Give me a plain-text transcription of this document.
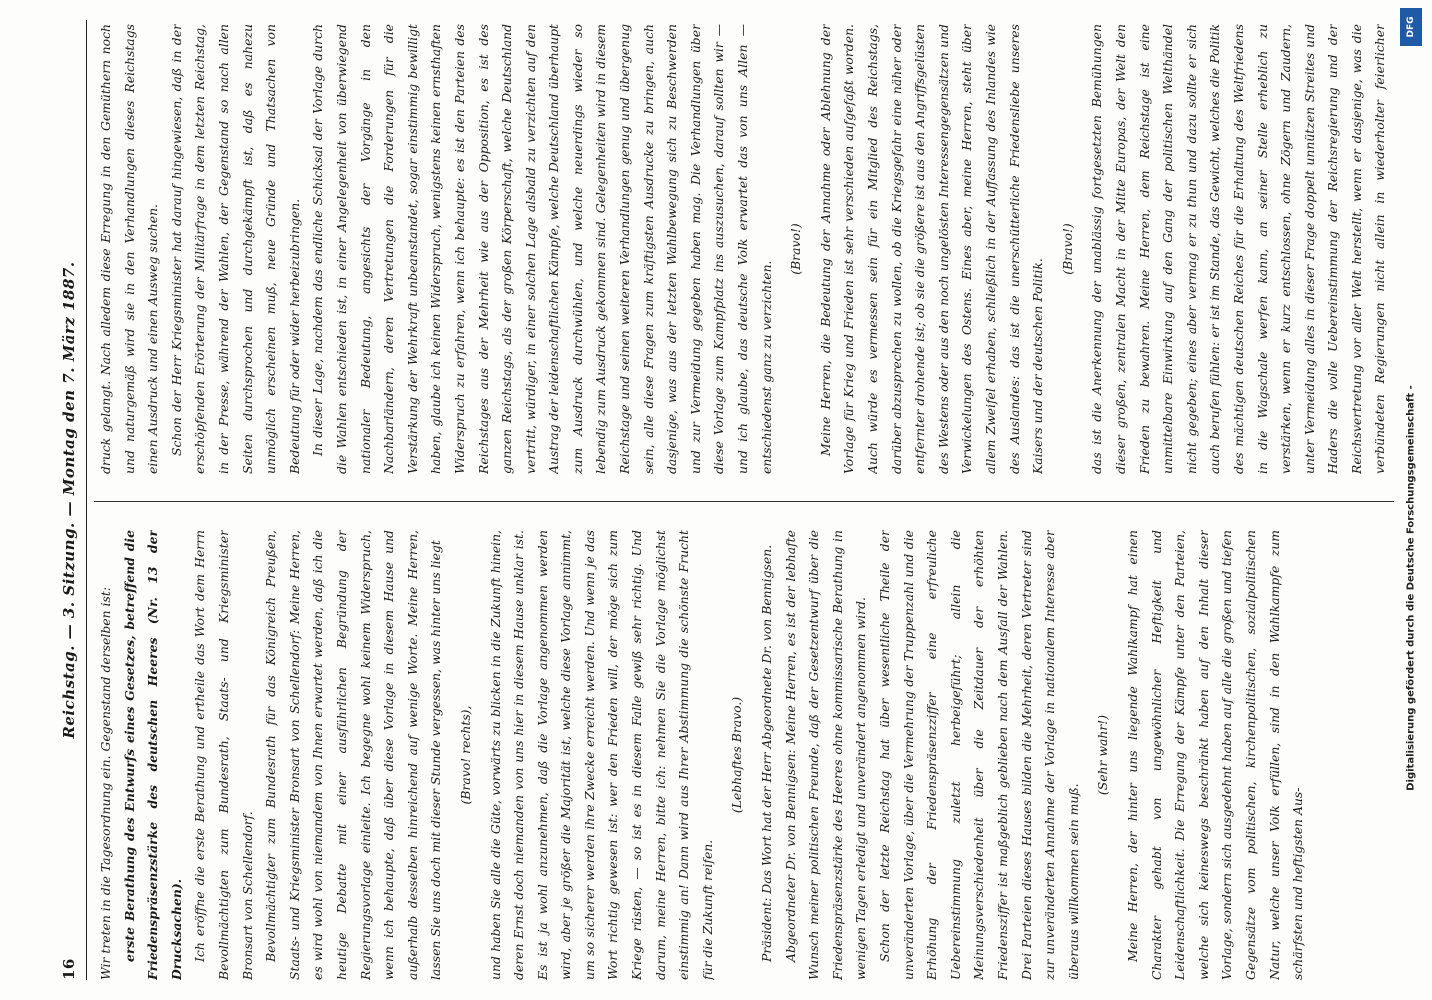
16
Reichstag. — 3. Sitzung. — Montag den 7. März 1887.

Wir treten in die Tagesordnung ein. Gegenstand derselben ist: erste Berathung des Entwurfs eines Gesetzes, betreffend die Friedenspräsenzstärke des deutschen Heeres (Nr. 13 der Drucksachen). Ich eröffne die erste Berathung und ertheile das Wort dem Herrn Bevollmächtigten zum Bundesrath, Staats- und Kriegsminister Bronsart von Schellendorf. Bevollmächtigter zum Bundesrath für das Königreich Preußen, Staats- und Kriegsminister Bronsart von Schellendorf: Meine Herren, es wird wohl von niemandem von Ihnen erwartet werden, daß ich die heutige Debatte mit einer ausführlichen Begründung der Regierungsvorlage einleite. Ich begegne wohl keinem Widerspruch, wenn ich behaupte, daß über diese Vorlage in diesem Hause und außerhalb desselben hinreichend auf wenige Worte. Meine Herren, lassen Sie uns doch mit dieser Stunde vergessen, was hinter uns liegt	(Bravo! rechts),	und haben Sie alle die Güte, vorwärts zu blicken in die Zukunft hinein, deren Ernst doch niemanden von uns hier in diesem Hause unklar ist. Es ist ja wohl anzunehmen, daß die Vorlage angenommen werden wird, aber je größer die Majorität ist, welche diese Vorlage annimmt, um so sicherer werden ihre Zwecke erreicht werden. Und wenn je das Wort richtig gewesen ist: wer den Frieden will, der möge sich zum Kriege rüsten, — so ist es in diesem Falle gewiß sehr richtig. Und darum, meine Herren, bitte ich: nehmen Sie die Vorlage möglichst einstimmig an! Dann wird aus Ihrer Abstimmung die schönste Frucht für die Zukunft reifen.

(Lebhaftes Bravo.)	Präsident: Das Wort hat der Herr Abgeordnete Dr. von Bennigsen. Abgeordneter Dr. von Bennigsen: Meine Herren, es ist der lebhafte Wunsch meiner politischen Freunde, daß der Gesetzentwurf über die Friedenspräsenzstärke des Heeres ohne kommissarische Berathung in wenigen Tagen erledigt und unverändert angenommen wird. Schon der letzte Reichstag hat über wesentliche Theile der unveränderten Vorlage, über die Vermehrung der Truppenzahl und die Erhöhung der Friedenspräsenzziffer eine erfreuliche Uebereinstimmung zuletzt herbeigeführt; allein die Meinungsverschiedenheit über die Zeitdauer der erhöhten Friedensziffer ist maßgeblich geblieben nach dem Ausfall der Wahlen. Drei Parteien dieses Hauses bilden die Mehrheit, deren Vertreter sind zur unveränderten Annahme der Vorlage in nationalem Interesse aber überaus willkommen sein muß.

(Sehr wahr!)	Meine Herren, der hinter uns liegende Wahlkampf hat einen Charakter gehabt von ungewöhnlicher Heftigkeit und Leidenschaftlichkeit. Die Erregung der Kämpfe unter den Parteien, welche sich keineswegs beschränkt haben auf den Inhalt dieser Vorlage, sondern sich ausgedehnt haben auf alle die großen und tiefen Gegensätze vom politischen, kirchenpolitischen, sozialpolitischen Natur, welche unser Volk erfüllen, sind in den Wahlkampfe zum schärfsten und heftigsten Aus-

druck gelangt. Nach alledem diese Erregung in den Gemüthern noch und naturgemäß wird sie in den Verhandlungen dieses Reichstags einen Ausdruck und einen Ausweg suchen. Schon der Herr Kriegsminister hat darauf hingewiesen, daß in der erschöpfenden Erörterung der Militärfrage in dem letzten Reichstag, in der Presse, während der Wahlen, der Gegenstand so nach allen Seiten durchsprochen und durchgekämpft ist, daß es nahezu unmöglich erscheinen muß, neue Gründe und Thatsachen von Bedeutung für oder wider herbeizubringen. In dieser Lage, nachdem das endliche Schicksal der Vorlage durch die Wahlen entschieden ist, in einer Angelegenheit von überwiegend nationaler Bedeutung, angesichts der Vorgänge in den Nachbarländern, deren Vertretungen die Forderungen für die Verstärkung der Wehrkraft unbeanstandet, sogar einstimmig bewilligt haben, glaube ich keinen Widerspruch, wenigstens keinen ernsthaften Widerspruch zu erfahren, wenn ich behaupte: es ist den Parteien des Reichstages aus der Mehrheit wie aus der Opposition, es ist des ganzen Reichstags, als der großen Körperschaft, welche Deutschland vertritt, würdiger, in einer solchen Lage alsbald zu verzichten auf den Austrag der leidenschaftlichen Kämpfe, welche Deutschland überhaupt zum Ausdruck durchwühlen, und welche neuerdings wieder so lebendig zum Ausdruck gekommen sind. Gelegenheiten wird in diesem Reichstage und seinen weiteren Verhandlungen genug und übergenug sein, alle diese Fragen zum kräftigsten Ausdrucke zu bringen, auch dasjenige, was aus der letzten Wahlbewegung sich zu Beschwerden und zur Vermeidung gegeben haben mag. Die Verhandlungen über diese Vorlage zum Kampfplatz ins auszusuchen, darauf sollten wir — und ich glaube, das deutsche Volk erwartet das von uns Allen — entschiedenst ganz zu verzichten.

(Bravo!)	Meine Herren, die Bedeutung der Annahme oder Ablehnung der Vorlage für Krieg und Frieden ist sehr verschieden aufgefaßt worden. Auch würde es vermessen sein für ein Mitglied des Reichstags, darüber abzusprechen zu wollen, ob die Kriegsgefahr eine näher oder entfernter drohende ist; ob sie die größere ist aus den Angriffsgelüsten des Westens oder aus den noch ungelösten Interessengegensätzen und Verwickelungen des Ostens. Eines aber, meine Herren, steht über allem Zweifel erhaben, schließlich in der Auffassung des Inlandes wie des Auslandes: das ist die unerschütterliche Friedensliebe unseres Kaisers und der deutschen Politik.

(Bravo!)

das ist die Anerkennung der unablässig fortgesetzten Bemühungen dieser großen, zentralen Macht in der Mitte Europas, der Welt den Frieden zu bewahren. Meine Herren, dem Reichstage ist eine unmittelbare Einwirkung auf den Gang der politischen Welthändel nicht gegeben; eines aber vermag er zu thun und dazu sollte er sich auch berufen fühlen: er ist im Stande, das Gewicht, welches die Politik des mächtigen deutschen Reiches für die Erhaltung des Weltfriedens in die Wagschale werfen kann, an seiner Stelle erheblich zu verstärken, wenn er kurz entschlossen, ohne Zögern und Zaudern, unter Vermeidung alles in dieser Frage doppelt unnützen Streites und Haders die volle Uebereinstimmung der Reichsregierung und der Reichsvertretung vor aller Welt herstellt, wenn er dasjenige, was die verbündeten Regierungen nicht allein in wiederholter feierlicher	DFG
Digitalisierung gefördert durch die Deutsche Forschungsgemeinschaft -
